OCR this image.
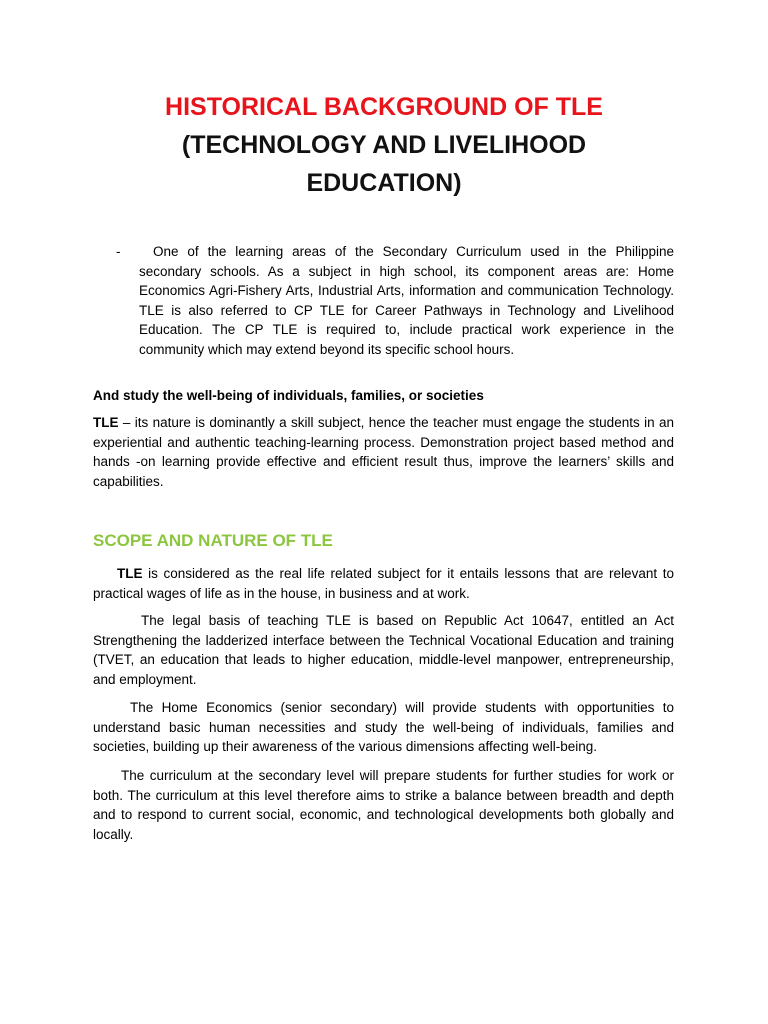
HISTORICAL BACKGROUND OF TLE
(TECHNOLOGY AND LIVELIHOOD EDUCATION)
-	One of the learning areas of the Secondary Curriculum used in the Philippine secondary schools. As a subject in high school, its component areas are: Home Economics Agri-Fishery Arts, Industrial Arts, information and communication Technology. TLE is also referred to CP TLE for Career Pathways in Technology and Livelihood Education. The CP TLE is required to, include practical work experience in the community which may extend beyond its specific school hours.
And study the well-being of individuals, families, or societies
TLE – its nature is dominantly a skill subject, hence the teacher must engage the students in an experiential and authentic teaching-learning process. Demonstration project based method and hands -on learning provide effective and efficient result thus, improve the learners’ skills and capabilities.
SCOPE AND NATURE OF TLE
TLE is considered as the real life related subject for it entails lessons that are relevant to practical wages of life as in the house, in business and at work.
The legal basis of teaching TLE is based on Republic Act 10647, entitled an Act Strengthening the ladderized interface between the Technical Vocational Education and training (TVET, an education that leads to higher education, middle-level manpower, entrepreneurship, and employment.
The Home Economics (senior secondary) will provide students with opportunities to understand basic human necessities and study the well-being of individuals, families and societies, building up their awareness of the various dimensions affecting well-being.
The curriculum at the secondary level will prepare students for further studies for work or both. The curriculum at this level therefore aims to strike a balance between breadth and depth and to respond to current social, economic, and technological developments both globally and locally.
